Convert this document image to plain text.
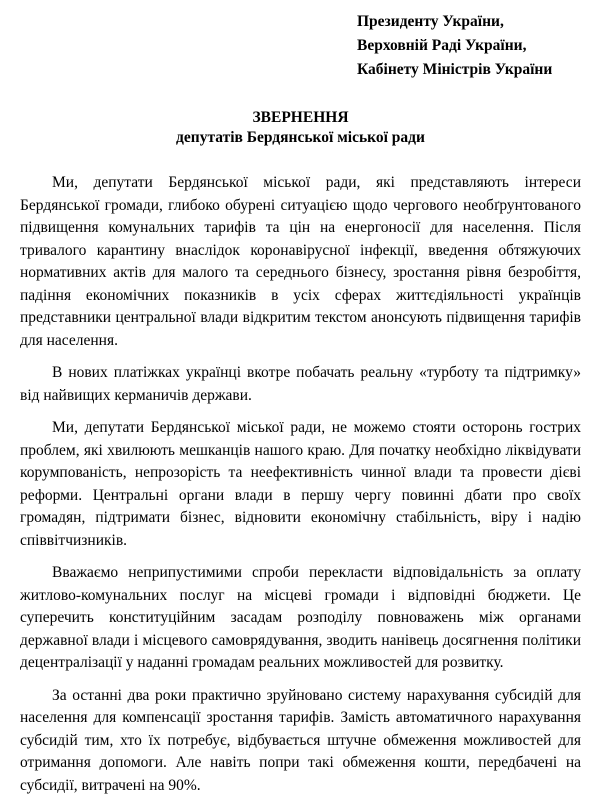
Президенту України,
Верховній Раді України,
Кабінету Міністрів України
ЗВЕРНЕННЯ
депутатів Бердянської міської ради

Ми, депутати Бердянської міської ради, які представляють інтереси Бердянської громади, глибоко обурені ситуацією щодо чергового необґрунтованого підвищення комунальних тарифів та цін на енергоносії для населення. Після тривалого карантину внаслідок коронавірусної інфекції, введення обтяжуючих нормативних актів для малого та середнього бізнесу, зростання рівня безробіття, падіння економічних показників в усіх сферах життєдіяльності українців представники центральної влади відкритим текстом анонсують підвищення тарифів для населення.

В нових платіжках українці вкотре побачать реальну «турботу та підтримку» від найвищих керманичів держави.

Ми, депутати Бердянської міської ради, не можемо стояти осторонь гострих проблем, які хвилюють мешканців нашого краю. Для початку необхідно ліквідувати корумпованість, непрозорість та неефективність чинної влади та провести дієві реформи. Центральні органи влади в першу чергу повинні дбати про своїх громадян, підтримати бізнес, відновити економічну стабільність, віру і надію співвітчизників.

Вважаємо неприпустимими спроби перекласти відповідальність за оплату житлово-комунальних послуг на місцеві громади і відповідні бюджети. Це суперечить конституційним засадам розподілу повноважень між органами державної влади і місцевого самоврядування, зводить нанівець досягнення політики децентралізації у наданні громадам реальних можливостей для розвитку.

За останні два роки практично зруйновано систему нарахування субсидій для населення для компенсації зростання тарифів. Замість автоматичного нарахування субсидій тим, хто їх потребує, відбувається штучне обмеження можливостей для отримання допомоги. Але навіть попри такі обмеження кошти, передбачені на субсидії, витрачені на 90%.
